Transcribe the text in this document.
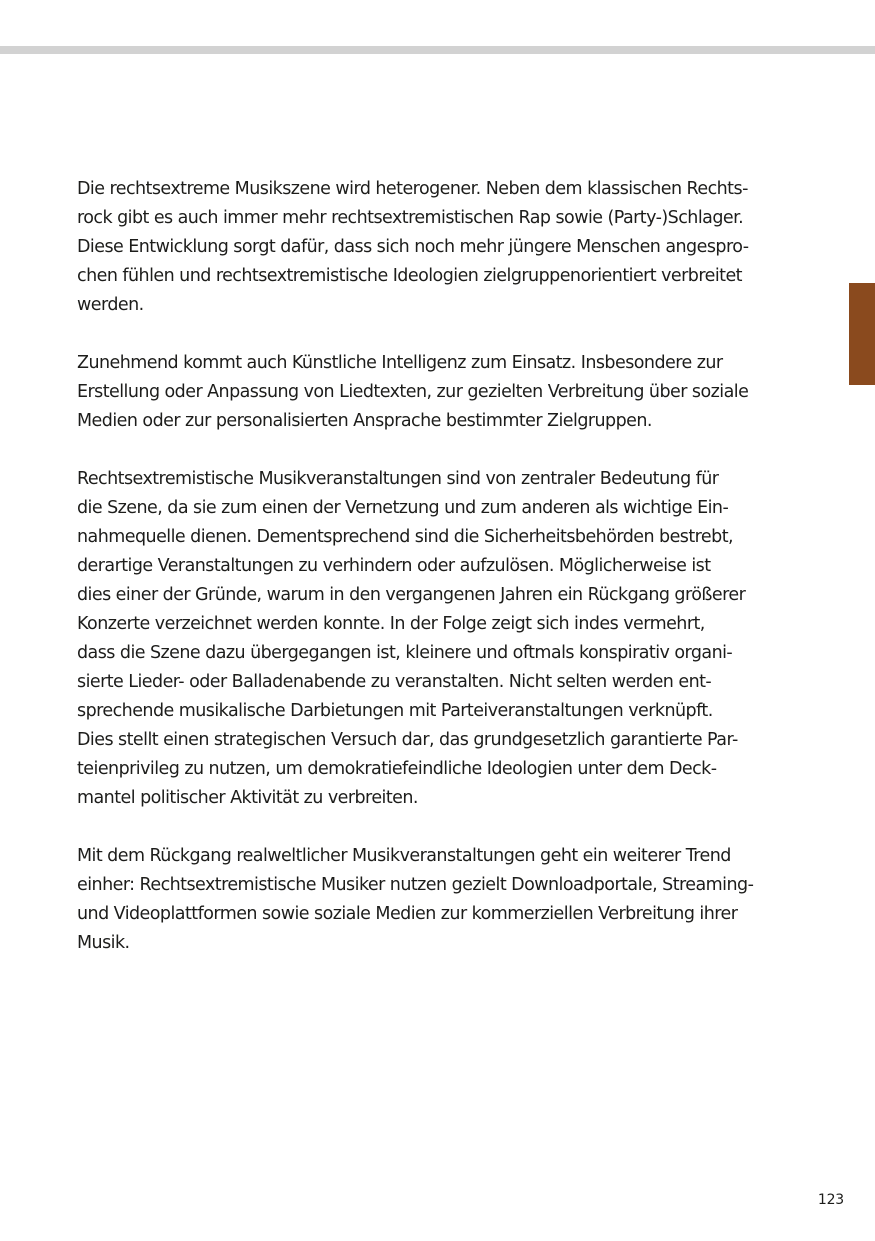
Die rechtsextreme Musikszene wird heterogener. Neben dem klassischen Rechts-
rock gibt es auch immer mehr rechtsextremistischen Rap sowie (Party-)Schlager.
Diese Entwicklung sorgt dafür, dass sich noch mehr jüngere Menschen angespro-
chen fühlen und rechtsextremistische Ideologien zielgruppenorientiert verbreitet
werden.

Zunehmend kommt auch Künstliche Intelligenz zum Einsatz. Insbesondere zur
Erstellung oder Anpassung von Liedtexten, zur gezielten Verbreitung über soziale
Medien oder zur personalisierten Ansprache bestimmter Zielgruppen.

Rechtsextremistische Musikveranstaltungen sind von zentraler Bedeutung für
die Szene, da sie zum einen der Vernetzung und zum anderen als wichtige Ein-
nahmequelle dienen. Dementsprechend sind die Sicherheitsbehörden bestrebt,
derartige Veranstaltungen zu verhindern oder aufzulösen. Möglicherweise ist
dies einer der Gründe, warum in den vergangenen Jahren ein Rückgang größerer
Konzerte verzeichnet werden konnte. In der Folge zeigt sich indes vermehrt,
dass die Szene dazu übergegangen ist, kleinere und oftmals konspirativ organi-
sierte Lieder- oder Balladenabende zu veranstalten. Nicht selten werden ent-
sprechende musikalische Darbietungen mit Parteiveranstaltungen verknüpft.
Dies stellt einen strategischen Versuch dar, das grundgesetzlich garantierte Par-
teienprivileg zu nutzen, um demokratiefeindliche Ideologien unter dem Deck-
mantel politischer Aktivität zu verbreiten.

Mit dem Rückgang realweltlicher Musikveranstaltungen geht ein weiterer Trend
einher: Rechtsextremistische Musiker nutzen gezielt Downloadportale, Streaming-
und Videoplattformen sowie soziale Medien zur kommerziellen Verbreitung ihrer
Musik.

123
